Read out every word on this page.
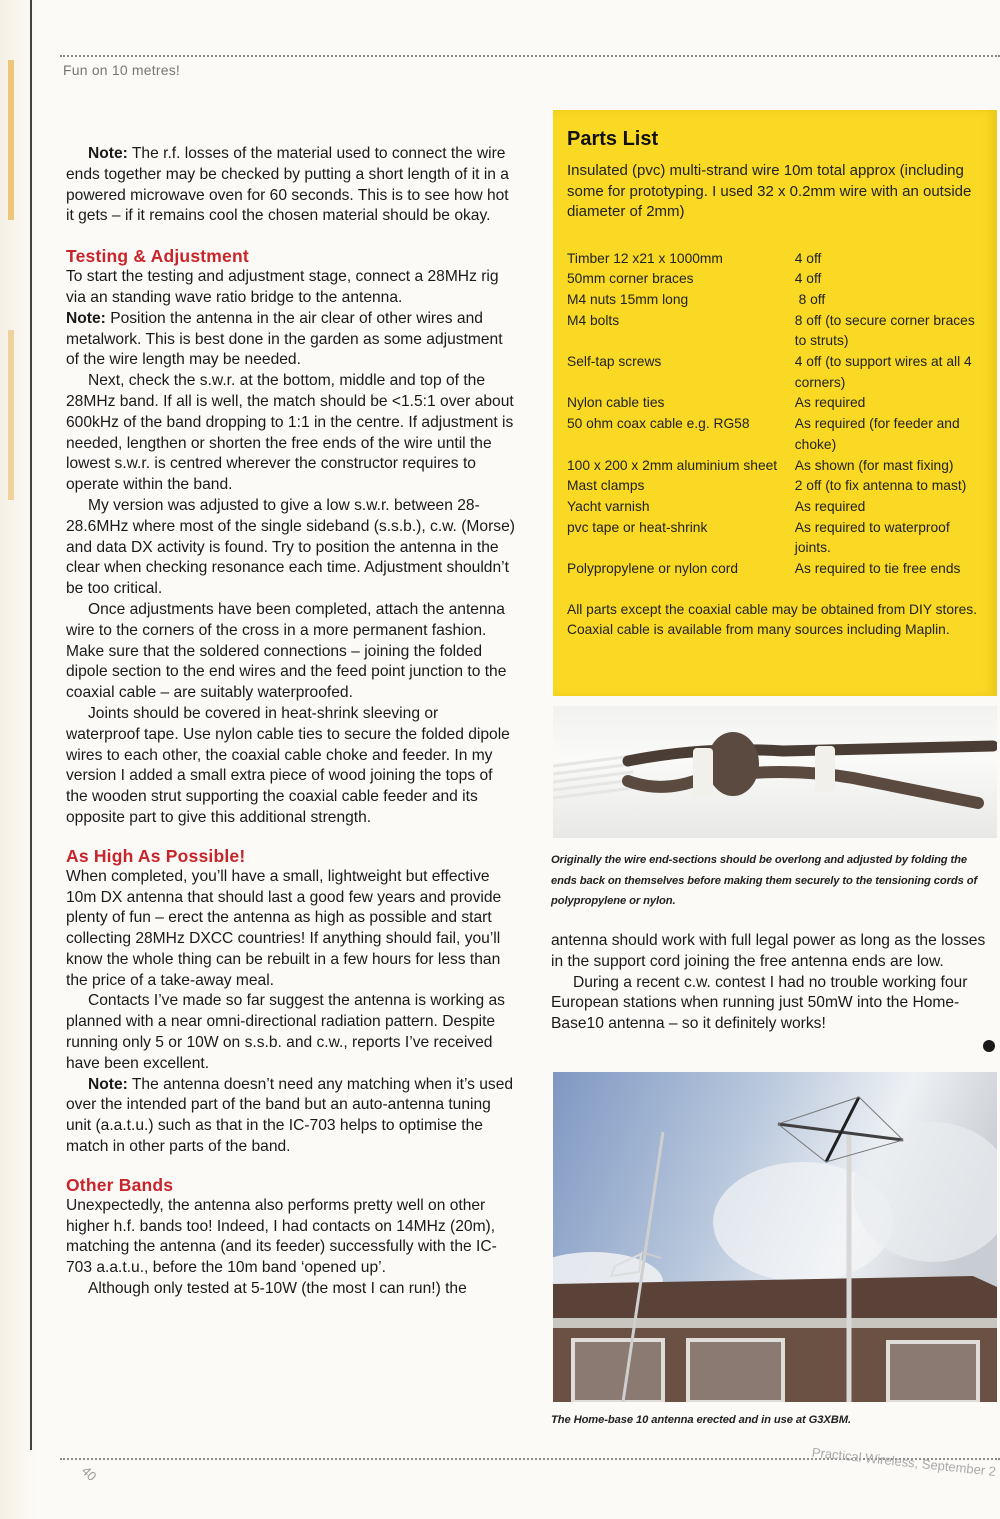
Fun on 10 metres!

Note: The r.f. losses of the material used to connect the wire ends together may be checked by putting a short length of it in a powered microwave oven for 60 seconds. This is to see how hot it gets – if it remains cool the chosen material should be okay.

Testing & Adjustment

To start the testing and adjustment stage, connect a 28MHz rig via an standing wave ratio bridge to the antenna.
Note: Position the antenna in the air clear of other wires and metalwork. This is best done in the garden as some adjustment of the wire length may be needed.

Next, check the s.w.r. at the bottom, middle and top of the 28MHz band. If all is well, the match should be <1.5:1 over about 600kHz of the band dropping to 1:1 in the centre. If adjustment is needed, lengthen or shorten the free ends of the wire until the lowest s.w.r. is centred wherever the constructor requires to operate within the band.

My version was adjusted to give a low s.w.r. between 28-28.6MHz where most of the single sideband (s.s.b.), c.w. (Morse) and data DX activity is found. Try to position the antenna in the clear when checking resonance each time. Adjustment shouldn’t be too critical.

Once adjustments have been completed, attach the antenna wire to the corners of the cross in a more permanent fashion. Make sure that the soldered connections – joining the folded dipole section to the end wires and the feed point junction to the coaxial cable – are suitably waterproofed.

Joints should be covered in heat-shrink sleeving or waterproof tape. Use nylon cable ties to secure the folded dipole wires to each other, the coaxial cable choke and feeder. In my version I added a small extra piece of wood joining the tops of the wooden strut supporting the coaxial cable feeder and its opposite part to give this additional strength.

As High As Possible!

When completed, you’ll have a small, lightweight but effective 10m DX antenna that should last a good few years and provide plenty of fun – erect the antenna as high as possible and start collecting 28MHz DXCC countries! If anything should fail, you’ll know the whole thing can be rebuilt in a few hours for less than the price of a take-away meal.

Contacts I’ve made so far suggest the antenna is working as planned with a near omni-directional radiation pattern. Despite running only 5 or 10W on s.s.b. and c.w., reports I’ve received have been excellent.

Note: The antenna doesn’t need any matching when it’s used over the intended part of the band but an auto-antenna tuning unit (a.a.t.u.) such as that in the IC-703 helps to optimise the match in other parts of the band.

Other Bands

Unexpectedly, the antenna also performs pretty well on other higher h.f. bands too! Indeed, I had contacts on 14MHz (20m), matching the antenna (and its feeder) successfully with the IC-703 a.a.t.u., before the 10m band ‘opened up’.

Although only tested at 5-10W (the most I can run!) the

Parts List

Insulated (pvc) multi-strand wire 10m total approx (including some for prototyping. I used 32 x 0.2mm wire with an outside diameter of 2mm)

Timber 12 x21 x 1000mm	4 off
50mm corner braces	4 off
M4 nuts 15mm long	8 off
M4 bolts	8 off (to secure corner braces to struts)
Self-tap screws	4 off (to support wires at all 4 corners)
Nylon cable ties	As required
50 ohm coax cable e.g. RG58	As required (for feeder and choke)
100 x 200 x 2mm aluminium sheet	As shown (for mast fixing)
Mast clamps	2 off (to fix antenna to mast)
Yacht varnish	As required
pvc tape or heat-shrink	As required to waterproof joints.
Polypropylene or nylon cord	As required to tie free ends

All parts except the coaxial cable may be obtained from DIY stores. Coaxial cable is available from many sources including Maplin.

Originally the wire end-sections should be overlong and adjusted by folding the ends back on themselves before making them securely to the tensioning cords of polypropylene or nylon.

antenna should work with full legal power as long as the losses in the support cord joining the free antenna ends are low.

During a recent c.w. contest I had no trouble working four European stations when running just 50mW into the Home-Base10 antenna – so it definitely works!

The Home-base 10 antenna erected and in use at G3XBM.
40	Practical Wireless, September 2
